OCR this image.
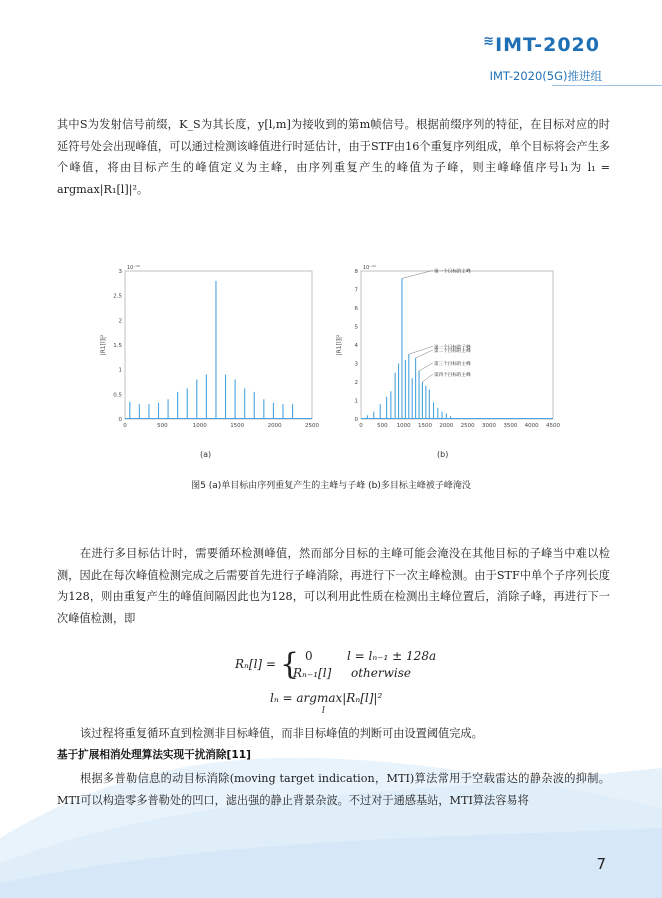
≋IMT-2020
IMT-2020(5G)推进组
其中S为发射信号前缀，K_S为其长度，y[l,m]为接收到的第m帧信号。根据前缀序列的特征，在目标对应的时延符号处会出现峰值，可以通过检测该峰值进行时延估计，由于STF由16个重复序列组成，单个目标将会产生多个峰值，将由目标产生的峰值定义为主峰，由序列重复产生的峰值为子峰，则主峰峰值序号l₁为 l₁ = argmax|R₁[l]|²。
0
0.5
1
1.5
2
2.5
3
0	500	1000	1500	2000	2500
10⁻¹²
|R1[l]|²
0
1
2
3
4
5
6
7
8
0	500 1000 1500 2000 2500 3000 3500 4000 4500
10⁻¹¹
|R1[l]|²
第一个目标的主峰
第一个目标的子峰
第二个目标的主峰
第三个目标的主峰
第四个目标的主峰
(a)	(b)
图5 (a)单目标由序列重复产生的主峰与子峰 (b)多目标主峰被子峰淹没
在进行多目标估计时，需要循环检测峰值，然而部分目标的主峰可能会淹没在其他目标的子峰当中难以检测，因此在每次峰值检测完成之后需要首先进行子峰消除，再进行下一次主峰检测。由于STF中单个子序列长度为128，则由重复产生的峰值间隔因此也为128，可以利用此性质在检测出主峰位置后，消除子峰，再进行下一次峰值检测，即
Rₙ[l] = { 0	l = lₙ₋₁ ± 128a
Rₙ₋₁[l] otherwise
lₙ = argmax|Rₙ[l]|²
l
该过程将重复循环直到检测非目标峰值，而非目标峰值的判断可由设置阈值完成。
基于扩展相消处理算法实现干扰消除[11]
根据多普勒信息的动目标消除(moving target indication，MTI)算法常用于空载雷达的静杂波的抑制。MTI可以构造零多普勒处的凹口，滤出强的静止背景杂波。不过对于通感基站，MTI算法容易将
7
